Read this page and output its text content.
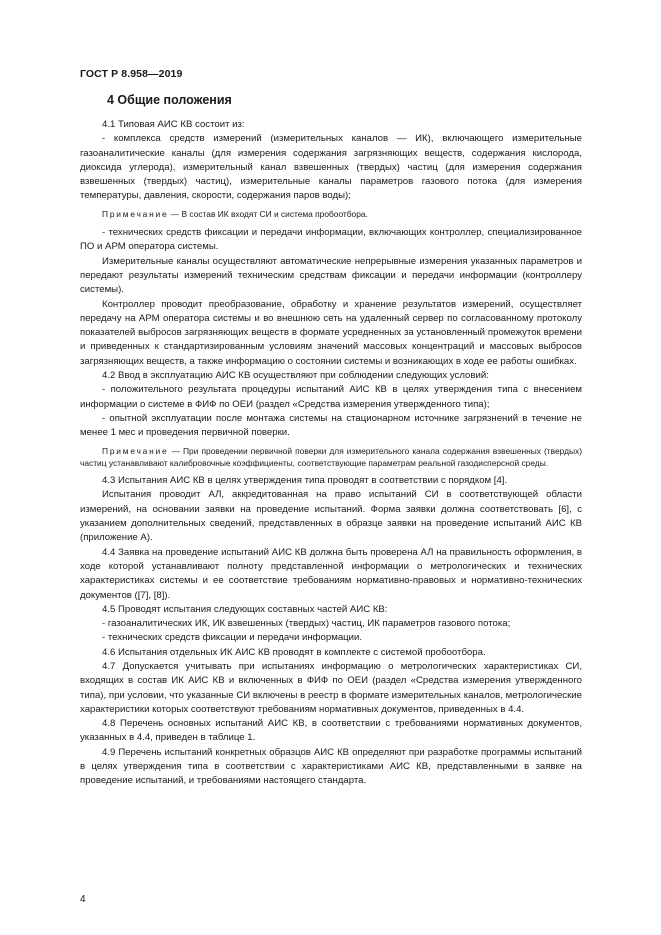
ГОСТ Р 8.958—2019
4 Общие положения

4.1 Типовая АИС КВ состоит из:

- комплекса средств измерений (измерительных каналов — ИК), включающего измерительные газоаналитические каналы (для измерения содержания загрязняющих веществ, содержания кислорода, диоксида углерода), измерительный канал взвешенных (твердых) частиц (для измерения содержания взвешенных (твердых) частиц), измерительные каналы параметров газового потока (для измерения температуры, давления, скорости, содержания паров воды);

Примечание — В состав ИК входят СИ и система пробоотбора.

- технических средств фиксации и передачи информации, включающих контроллер, специализированное ПО и АРМ оператора системы.

Измерительные каналы осуществляют автоматические непрерывные измерения указанных параметров и передают результаты измерений техническим средствам фиксации и передачи информации (контроллеру системы).

Контроллер проводит преобразование, обработку и хранение результатов измерений, осуществляет передачу на АРМ оператора системы и во внешнюю сеть на удаленный сервер по согласованному протоколу показателей выбросов загрязняющих веществ в формате усредненных за установленный промежуток времени и приведенных к стандартизированным условиям значений массовых концентраций и массовых выбросов загрязняющих веществ, а также информацию о состоянии системы и возникающих в ходе ее работы ошибках.

4.2 Ввод в эксплуатацию АИС КВ осуществляют при соблюдении следующих условий:

- положительного результата процедуры испытаний АИС КВ в целях утверждения типа с внесением информации о системе в ФИФ по ОЕИ (раздел «Средства измерения утвержденного типа);

- опытной эксплуатации после монтажа системы на стационарном источнике загрязнений в течение не менее 1 мес и проведения первичной поверки.

Примечание — При проведении первичной поверки для измерительного канала содержания взвешенных (твердых) частиц устанавливают калибровочные коэффициенты, соответствующие параметрам реальной газодисперсной среды.

4.3 Испытания АИС КВ в целях утверждения типа проводят в соответствии с порядком [4].

Испытания проводит АЛ, аккредитованная на право испытаний СИ в соответствующей области измерений, на основании заявки на проведение испытаний. Форма заявки должна соответствовать [6], с указанием дополнительных сведений, представленных в образце заявки на проведение испытаний АИС КВ (приложение А).

4.4 Заявка на проведение испытаний АИС КВ должна быть проверена АЛ на правильность оформления, в ходе которой устанавливают полноту представленной информации о метрологических и технических характеристиках системы и ее соответствие требованиям нормативно-правовых и нормативно-технических документов ([7], [8]).

4.5 Проводят испытания следующих составных частей АИС КВ:

- газоаналитических ИК, ИК взвешенных (твердых) частиц, ИК параметров газового потока;

- технических средств фиксации и передачи информации.

4.6 Испытания отдельных ИК АИС КВ проводят в комплекте с системой пробоотбора.

4.7 Допускается учитывать при испытаниях информацию о метрологических характеристиках СИ, входящих в состав ИК АИС КВ и включенных в ФИФ по ОЕИ (раздел «Средства измерения утвержденного типа), при условии, что указанные СИ включены в реестр в формате измерительных каналов, метрологические характеристики которых соответствуют требованиям нормативных документов, приведенных в 4.4.

4.8 Перечень основных испытаний АИС КВ, в соответствии с требованиями нормативных документов, указанных в 4.4, приведен в таблице 1.

4.9 Перечень испытаний конкретных образцов АИС КВ определяют при разработке программы испытаний в целях утверждения типа в соответствии с характеристиками АИС КВ, представленными в заявке на проведение испытаний, и требованиями настоящего стандарта.

4
